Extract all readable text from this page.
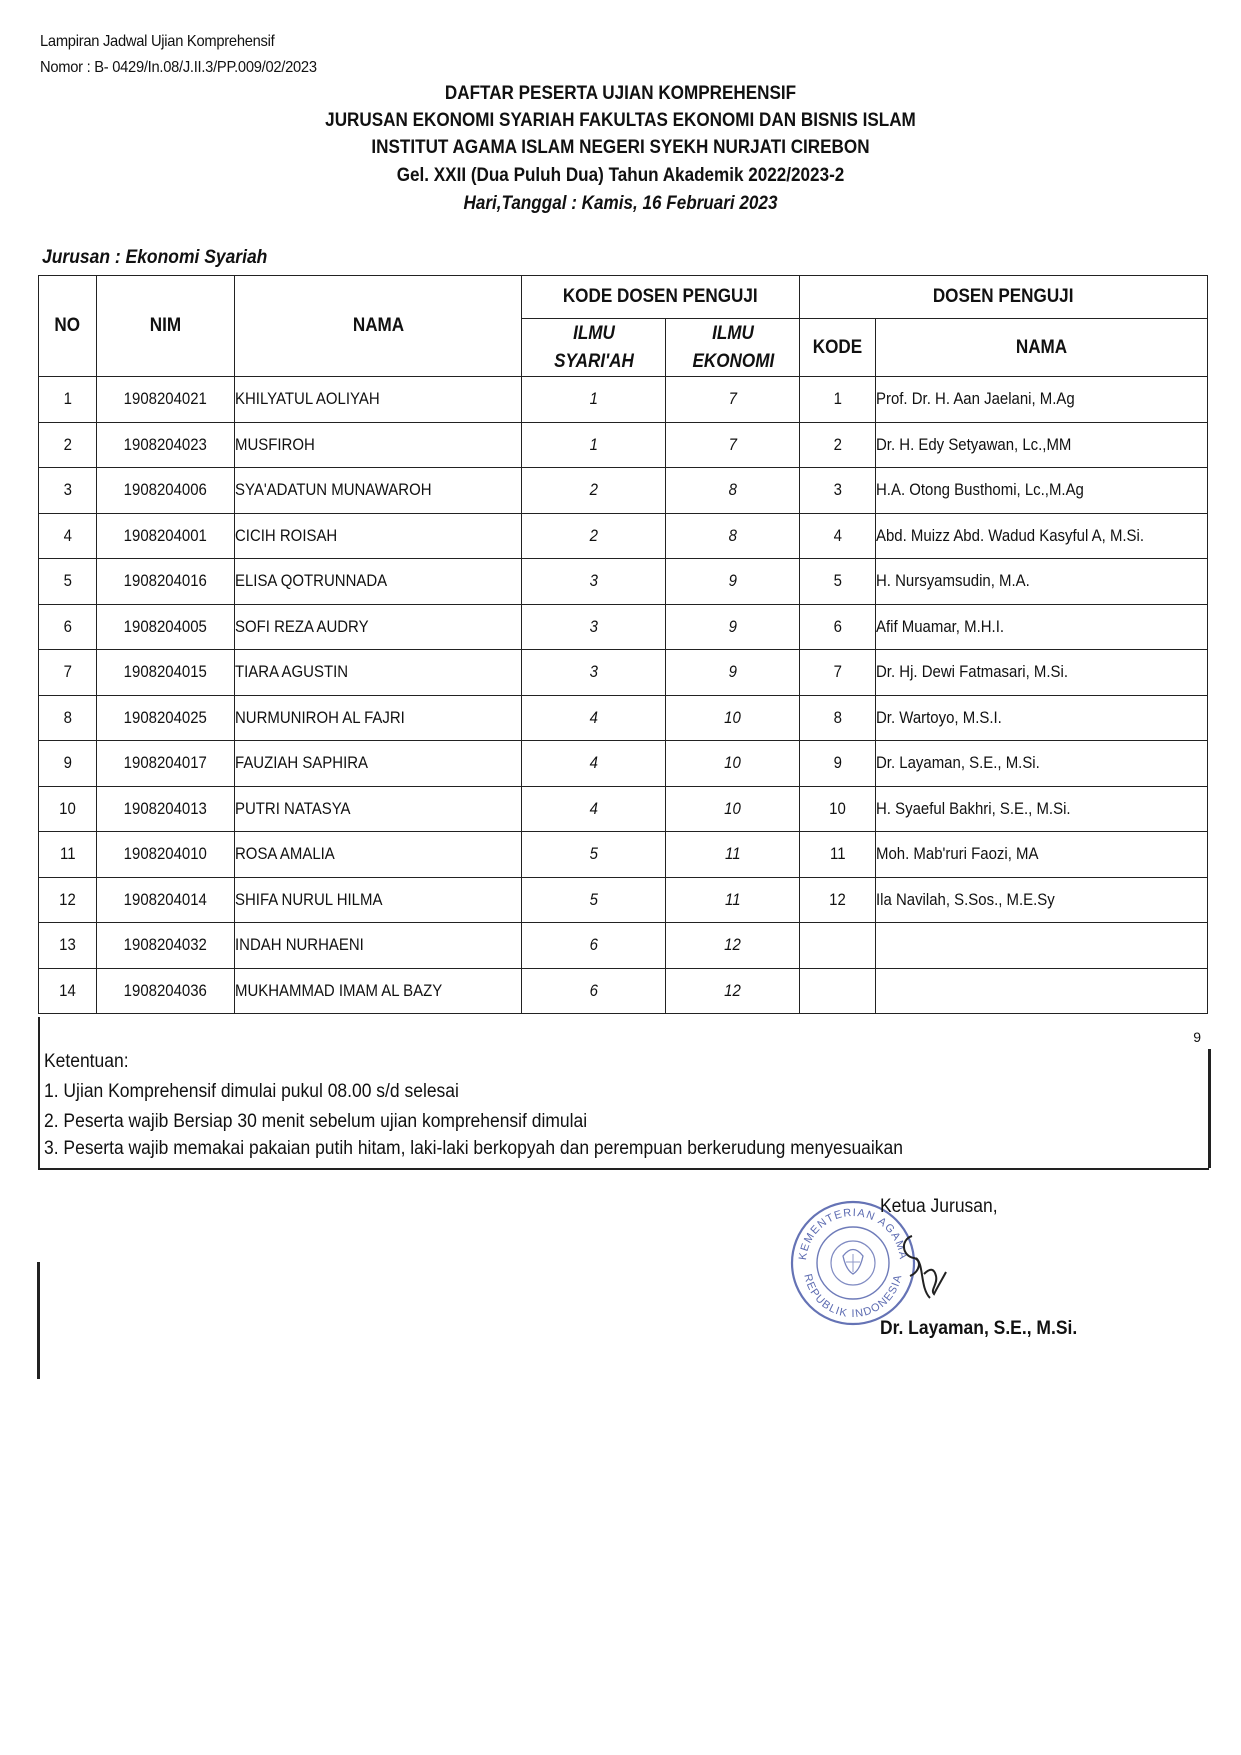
Lampiran Jadwal Ujian Komprehensif
Nomor : B- 0429/In.08/J.II.3/PP.009/02/2023
DAFTAR PESERTA UJIAN KOMPREHENSIF
JURUSAN EKONOMI SYARIAH FAKULTAS EKONOMI DAN BISNIS ISLAM
INSTITUT AGAMA ISLAM NEGERI SYEKH NURJATI CIREBON
Gel. XXII (Dua Puluh Dua) Tahun Akademik 2022/2023-2
Hari,Tanggal : Kamis, 16 Februari 2023
Jurusan : Ekonomi Syariah
NO	NIM	NAMA	KODE DOSEN PENGUJI		DOSEN PENGUJI	
			ILMU SYARI'AH	ILMU EKONOMI	KODE	NAMA
1	1908204021	KHILYATUL AOLIYAH	1	7	1	Prof. Dr. H. Aan Jaelani, M.Ag
2	1908204023	MUSFIROH	1	7	2	Dr. H. Edy Setyawan, Lc.,MM
3	1908204006	SYA'ADATUN MUNAWAROH	2	8	3	H.A. Otong Busthomi, Lc.,M.Ag
4	1908204001	CICIH ROISAH	2	8	4	Abd. Muizz Abd. Wadud Kasyful A, M.Si.
5	1908204016	ELISA QOTRUNNADA	3	9	5	H. Nursyamsudin, M.A.
6	1908204005	SOFI REZA AUDRY	3	9	6	Afif Muamar, M.H.I.
7	1908204015	TIARA AGUSTIN	3	9	7	Dr. Hj. Dewi Fatmasari, M.Si.
8	1908204025	NURMUNIROH AL FAJRI	4	10	8	Dr. Wartoyo, M.S.I.
9	1908204017	FAUZIAH SAPHIRA	4	10	9	Dr. Layaman, S.E., M.Si.
10	1908204013	PUTRI NATASYA	4	10	10	H. Syaeful Bakhri, S.E., M.Si.
11	1908204010	ROSA AMALIA	5	11	11	Moh. Mab'ruri Faozi, MA
12	1908204014	SHIFA NURUL HILMA	5	11	12	Ila Navilah, S.Sos., M.E.Sy
13	1908204032	INDAH NURHAENI	6	12		
14	1908204036	MUKHAMMAD IMAM AL BAZY	6	12		
9
Ketentuan:
1. Ujian Komprehensif dimulai pukul 08.00 s/d selesai
2. Peserta wajib Bersiap 30 menit sebelum ujian komprehensif dimulai
3. Peserta wajib memakai pakaian putih hitam, laki-laki berkopyah dan perempuan berkerudung menyesuaikan
KEMENTERIAN AGAMA
REPUBLIK INDONESIA
Ketua Jurusan,
Dr. Layaman, S.E., M.Si.
